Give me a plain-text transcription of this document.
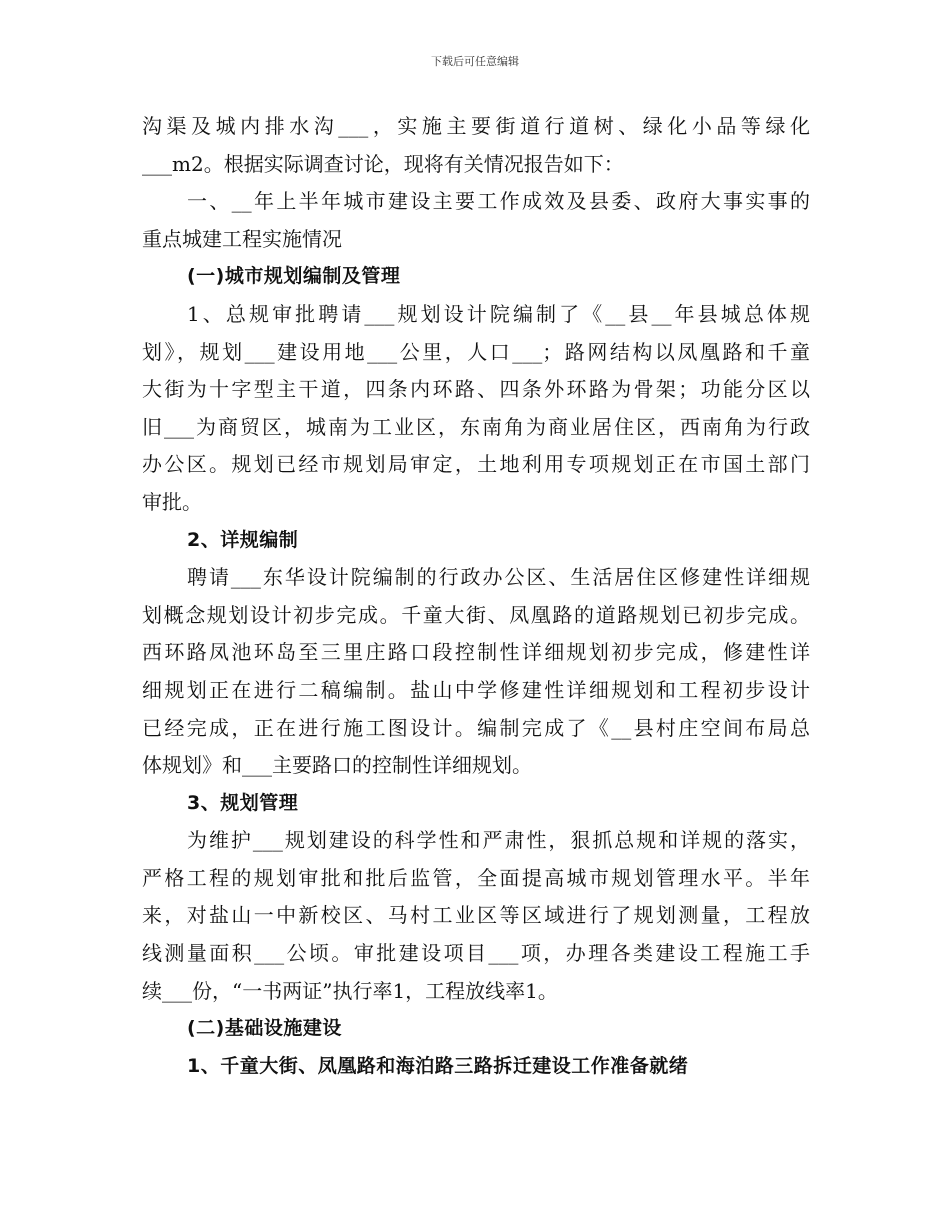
下载后可任意编辑
沟渠及城内排水沟___，实施主要街道行道树、绿化小品等绿化
___m2。根据实际调查讨论，现将有关情况报告如下：
一、__年上半年城市建设主要工作成效及县委、政府大事实事的
重点城建工程实施情况
(一)城市规划编制及管理
1、总规审批聘请___规划设计院编制了《__县__年县城总体规
划》，规划___建设用地___公里，人口___；路网结构以凤凰路和千童
大街为十字型主干道，四条内环路、四条外环路为骨架；功能分区以
旧___为商贸区，城南为工业区，东南角为商业居住区，西南角为行政
办公区。规划已经市规划局审定，土地利用专项规划正在市国土部门
审批。
2、详规编制
聘请___东华设计院编制的行政办公区、生活居住区修建性详细规
划概念规划设计初步完成。千童大街、凤凰路的道路规划已初步完成。
西环路凤池环岛至三里庄路口段控制性详细规划初步完成，修建性详
细规划正在进行二稿编制。盐山中学修建性详细规划和工程初步设计
已经完成，正在进行施工图设计。编制完成了《__县村庄空间布局总
体规划》和___主要路口的控制性详细规划。
3、规划管理
为维护___规划建设的科学性和严肃性，狠抓总规和详规的落实，
严格工程的规划审批和批后监管，全面提高城市规划管理水平。半年
来，对盐山一中新校区、马村工业区等区域进行了规划测量，工程放
线测量面积___公顷。审批建设项目___项，办理各类建设工程施工手
续___份，“一书两证”执行率1，工程放线率1。
(二)基础设施建设
1、千童大街、凤凰路和海泊路三路拆迁建设工作准备就绪
